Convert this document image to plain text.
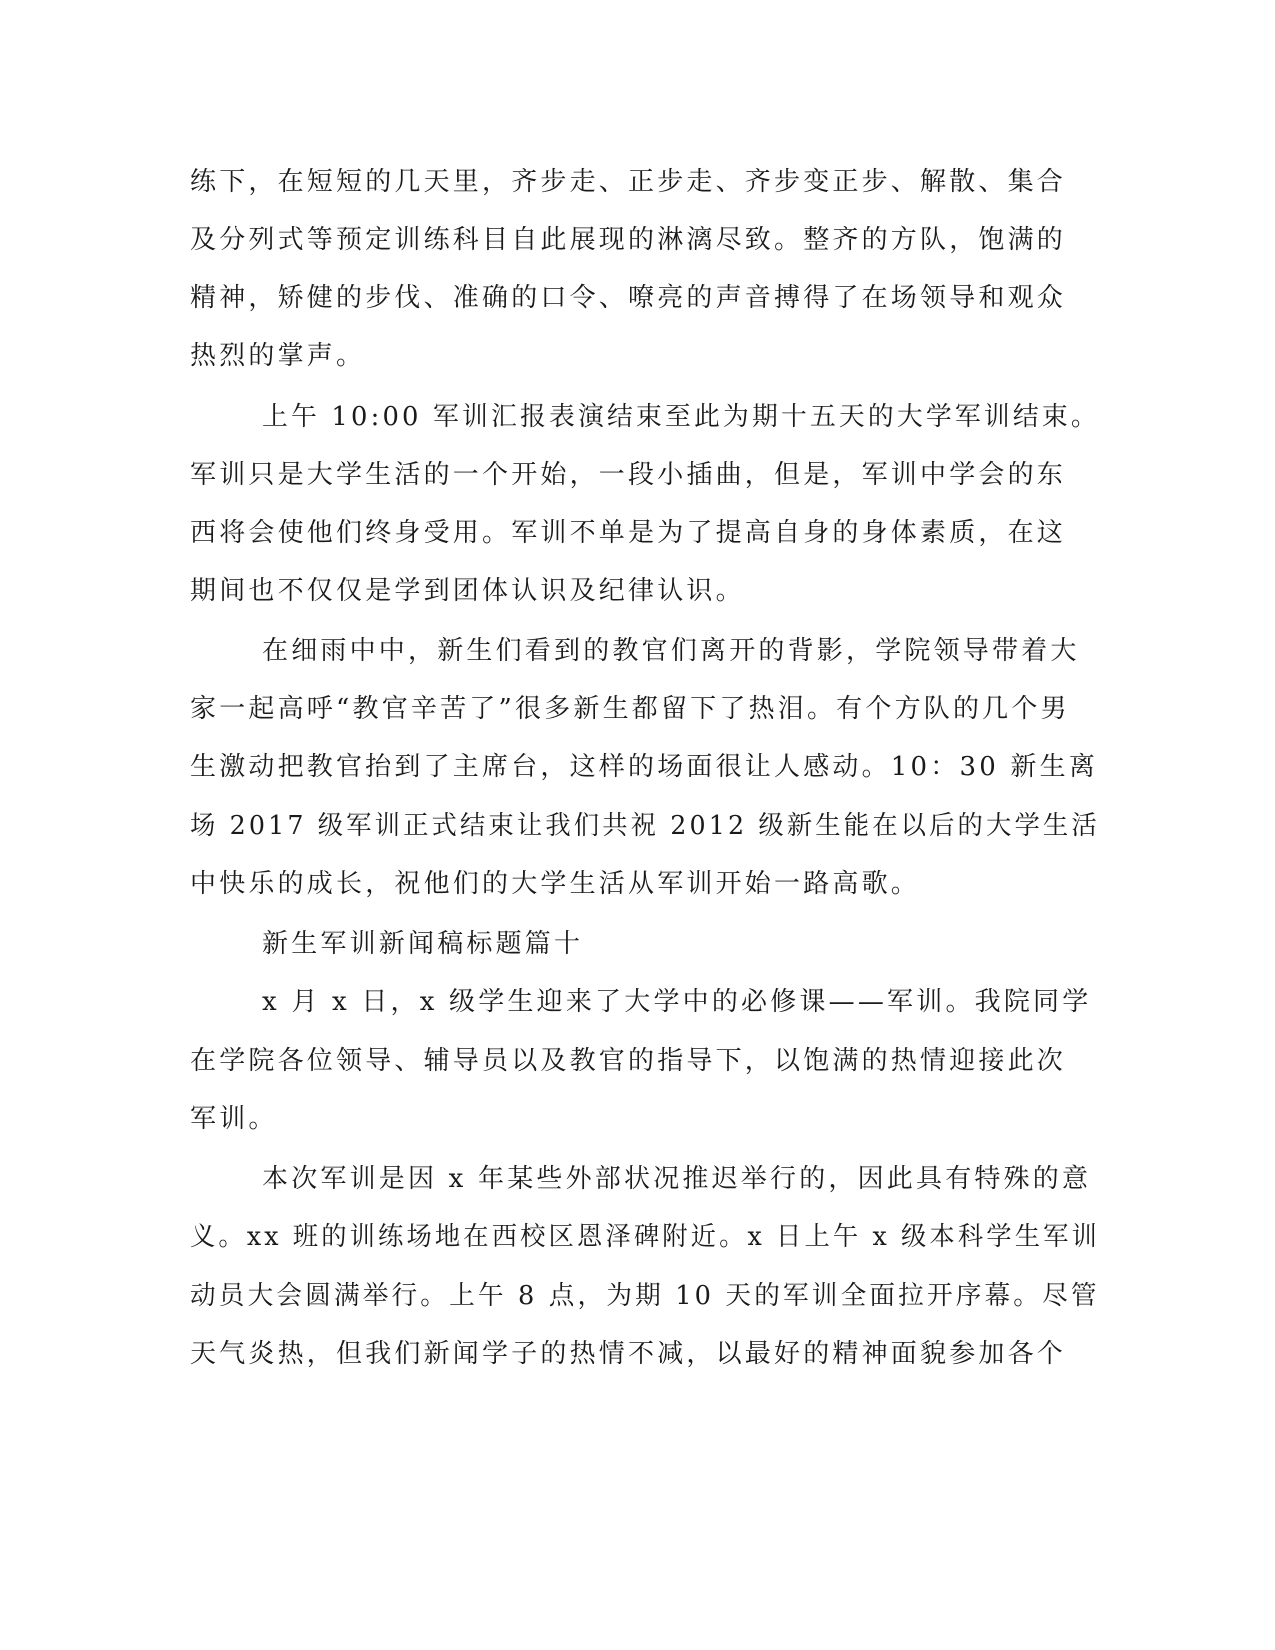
练下，在短短的几天里，齐步走、正步走、齐步变正步、解散、集合
及分列式等预定训练科目自此展现的淋漓尽致。整齐的方队，饱满的
精神，矫健的步伐、准确的口令、嘹亮的声音搏得了在场领导和观众
热烈的掌声。
上午 10:00 军训汇报表演结束至此为期十五天的大学军训结束。
军训只是大学生活的一个开始，一段小插曲，但是，军训中学会的东
西将会使他们终身受用。军训不单是为了提高自身的身体素质，在这
期间也不仅仅是学到团体认识及纪律认识。
在细雨中中，新生们看到的教官们离开的背影，学院领导带着大
家一起高呼“教官辛苦了”很多新生都留下了热泪。有个方队的几个男
生激动把教官抬到了主席台，这样的场面很让人感动。10：30 新生离
场 2017 级军训正式结束让我们共祝 2012 级新生能在以后的大学生活
中快乐的成长，祝他们的大学生活从军训开始一路高歌。
新生军训新闻稿标题篇十
x 月 x 日，x 级学生迎来了大学中的必修课——军训。我院同学
在学院各位领导、辅导员以及教官的指导下，以饱满的热情迎接此次
军训。
本次军训是因 x 年某些外部状况推迟举行的，因此具有特殊的意
义。xx 班的训练场地在西校区恩泽碑附近。x 日上午 x 级本科学生军训
动员大会圆满举行。上午 8 点，为期 10 天的军训全面拉开序幕。尽管
天气炎热，但我们新闻学子的热情不减，以最好的精神面貌参加各个
